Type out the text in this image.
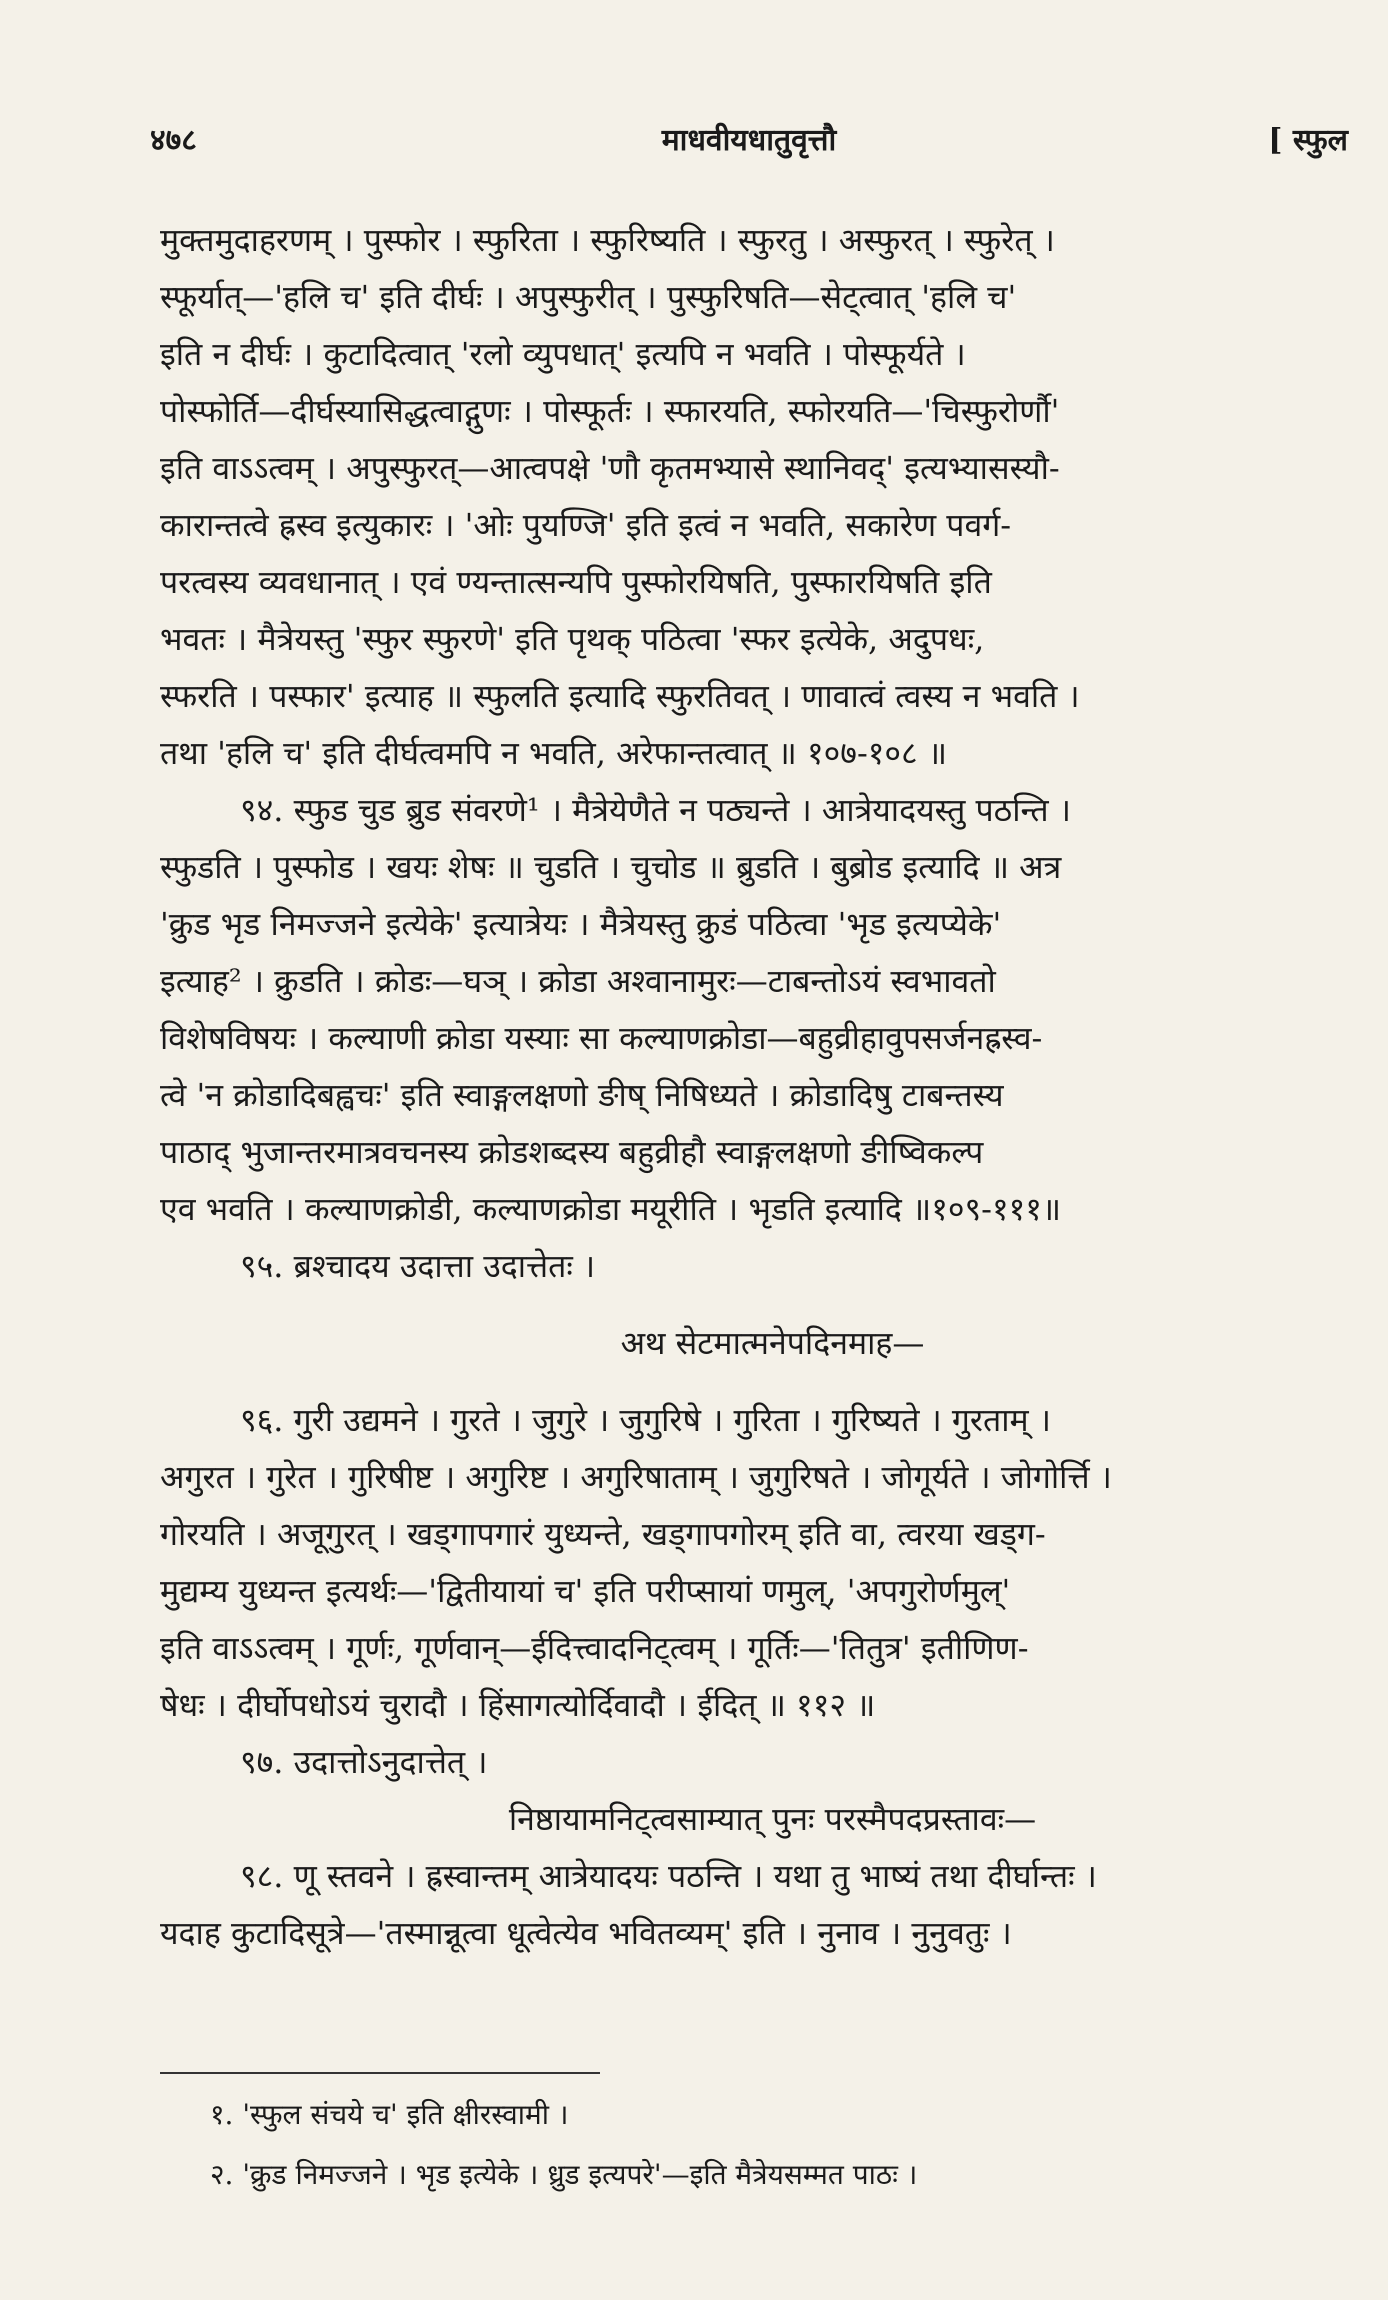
४७८	माधवीयधातुवृत्तौ	[ स्फुल
मुक्तमुदाहरणम् । पुस्फोर । स्फुरिता । स्फुरिष्यति । स्फुरतु । अस्फुरत् । स्फुरेत् ।
स्फूर्यात्—'हलि च' इति दीर्घः । अपुस्फुरीत् । पुस्फुरिषति—सेट्त्वात् 'हलि च'
इति न दीर्घः । कुटादित्वात् 'रलो व्युपधात्' इत्यपि न भवति । पोस्फूर्यते ।
पोस्फोर्ति—दीर्घस्यासिद्धत्वाद्गुणः । पोस्फूर्तः । स्फारयति, स्फोरयति—'चिस्फुरोर्णौ'
इति वाऽऽत्वम् । अपुस्फुरत्—आत्वपक्षे 'णौ कृतमभ्यासे स्थानिवद्' इत्यभ्यासस्यौ-
कारान्तत्वे ह्रस्व इत्युकारः । 'ओः पुयण्जि' इति इत्वं न भवति, सकारेण पवर्ग-
परत्वस्य व्यवधानात् । एवं ण्यन्तात्सन्यपि पुस्फोरयिषति, पुस्फारयिषति इति
भवतः । मैत्रेयस्तु 'स्फुर स्फुरणे' इति पृथक् पठित्वा 'स्फर इत्येके, अदुपधः,
स्फरति । पस्फार' इत्याह ॥ स्फुलति इत्यादि स्फुरतिवत् । णावात्वं त्वस्य न भवति ।
तथा 'हलि च' इति दीर्घत्वमपि न भवति, अरेफान्तत्वात् ॥ १०७-१०८ ॥
९४. स्फुड चुड ब्रुड संवरणे¹ । मैत्रेयेणैते न पठ्यन्ते । आत्रेयादयस्तु पठन्ति ।
स्फुडति । पुस्फोड । खयः शेषः ॥ चुडति । चुचोड ॥ ब्रुडति । बुब्रोड इत्यादि ॥ अत्र
'क्रुड भृड निमज्जने इत्येके' इत्यात्रेयः । मैत्रेयस्तु क्रुडं पठित्वा 'भृड इत्यप्येके'
इत्याह² । क्रुडति । क्रोडः—घञ् । क्रोडा अश्वानामुरः—टाबन्तोऽयं स्वभावतो
विशेषविषयः । कल्याणी क्रोडा यस्याः सा कल्याणक्रोडा—बहुव्रीहावुपसर्जनह्रस्व-
त्वे 'न क्रोडादिबह्वचः' इति स्वाङ्गलक्षणो ङीष् निषिध्यते । क्रोडादिषु टाबन्तस्य
पाठाद् भुजान्तरमात्रवचनस्य क्रोडशब्दस्य बहुव्रीहौ स्वाङ्गलक्षणो ङीष्विकल्प
एव भवति । कल्याणक्रोडी, कल्याणक्रोडा मयूरीति । भृडति इत्यादि ॥१०९-१११॥
९५. ब्रश्चादय उदात्ता उदात्तेतः ।
अथ सेटमात्मनेपदिनमाह—
९६. गुरी उद्यमने । गुरते । जुगुरे । जुगुरिषे । गुरिता । गुरिष्यते । गुरताम् ।
अगुरत । गुरेत । गुरिषीष्ट । अगुरिष्ट । अगुरिषाताम् । जुगुरिषते । जोगूर्यते । जोगोर्त्ति ।
गोरयति । अजूगुरत् । खड्गापगारं युध्यन्ते, खड्गापगोरम् इति वा, त्वरया खड्ग-
मुद्यम्य युध्यन्त इत्यर्थः—'द्वितीयायां च' इति परीप्सायां णमुल्, 'अपगुरोर्णमुल्'
इति वाऽऽत्वम् । गूर्णः, गूर्णवान्—ईदित्त्वादनिट्त्वम् । गूर्तिः—'तितुत्र' इतीणिण-
षेधः । दीर्घोपधोऽयं चुरादौ । हिंसागत्योर्दिवादौ । ईदित् ॥ ११२ ॥
९७. उदात्तोऽनुदात्तेत् ।
निष्ठायामनिट्त्वसाम्यात् पुनः परस्मैपदप्रस्तावः—
९८. णू स्तवने । ह्रस्वान्तम् आत्रेयादयः पठन्ति । यथा तु भाष्यं तथा दीर्घान्तः ।
यदाह कुटादिसूत्रे—'तस्मान्नूत्वा धूत्वेत्येव भवितव्यम्' इति । नुनाव । नुनुवतुः ।
१. 'स्फुल संचये च' इति क्षीरस्वामी ।
२. 'क्रुड निमज्जने । भृड इत्येके । ध्रुड इत्यपरे'—इति मैत्रेयसम्मत पाठः ।
